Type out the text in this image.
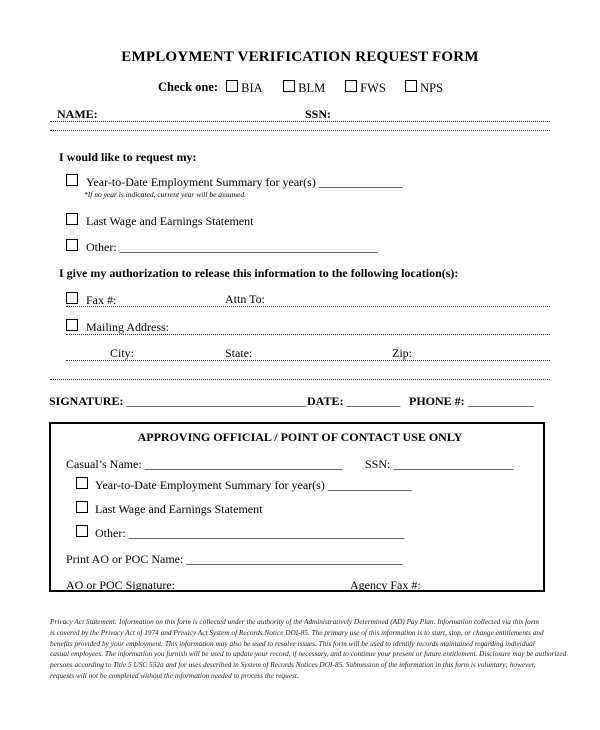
EMPLOYMENT VERIFICATION REQUEST FORM
Check one:	BIA	BLM	FWS	NPS
NAME:	SSN:
I would like to request my:
Year-to-Date Employment Summary for year(s) ______________
*If no year is indicated, current year will be assumed.
Last Wage and Earnings Statement
Other: ___________________________________________
I give my authorization to release this information to the following location(s):
Fax #:	Attn To:
Mailing Address:
City:	State:	Zip:
SIGNATURE: ______________________________ DATE: _________ PHONE #: ___________
APPROVING OFFICIAL / POINT OF CONTACT USE ONLY
Casual’s Name: _________________________________ SSN: ____________________
Year-to-Date Employment Summary for year(s) ______________
Last Wage and Earnings Statement
Other: ______________________________________________
Print AO or POC Name: ____________________________________
AO or POC Signature: ____________________________ Agency Fax #: __________________
Privacy Act Statement: Information on this form is collected under the authority of the Administratively Determined (AD) Pay Plan. Information collected via this form
is covered by the Privacy Act of 1974 and Privacy Act System of Records Notice DOI-85. The primary use of this information is to start, stop, or change entitlements and
benefits provided by your employment. This information may also be used to resolve issues. This form will be used to identify records maintained regarding individual
casual employees. The information you furnish will be used to update your record, if necessary, and to continue your present or future entitlement. Disclosure may be authorized
persons according to Title 5 USC 552a and for uses described in System of Records Notices DOI-85. Submission of the information in this form is voluntary; however,
requests will not be completed without the information needed to process the request.
